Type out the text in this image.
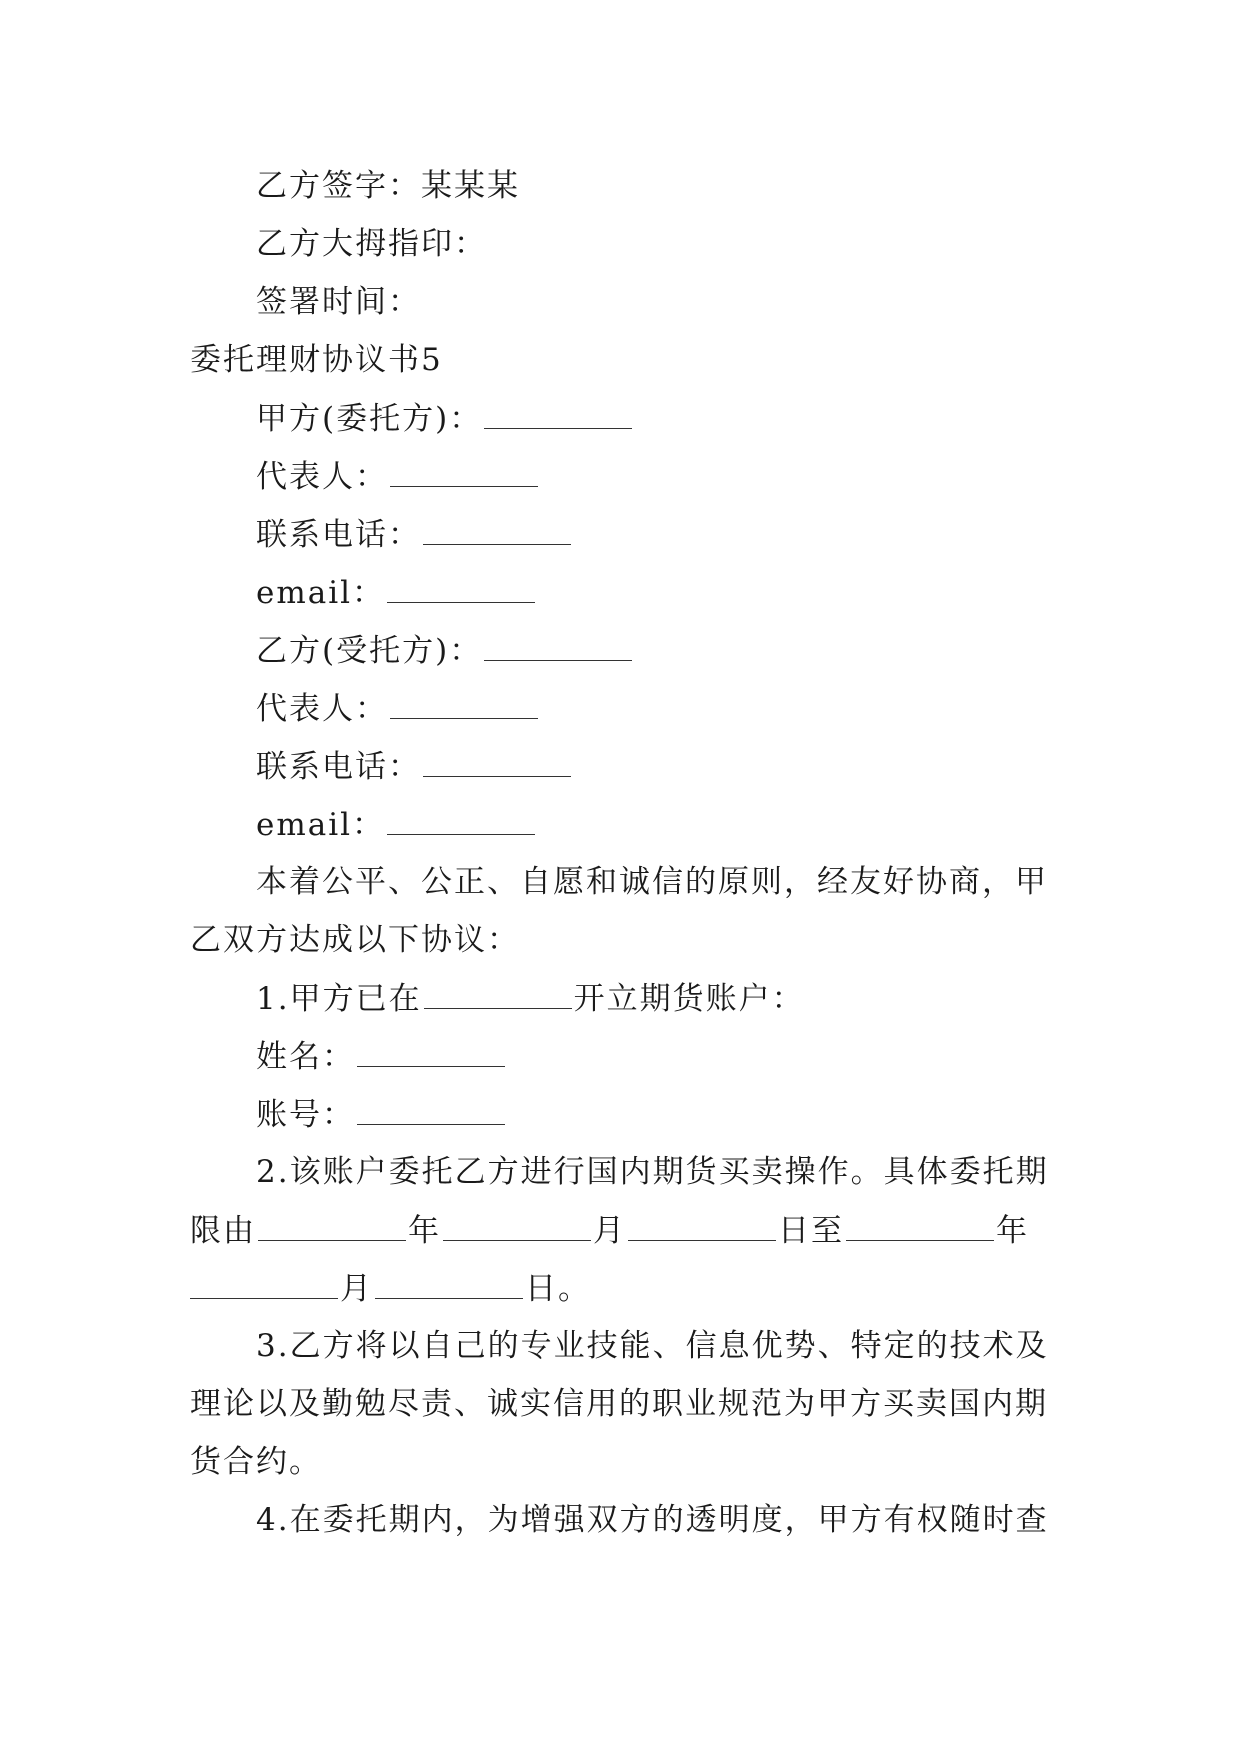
乙方签字：某某某
乙方大拇指印：
签署时间：
委托理财协议书5
甲方(委托方)：
代表人：
联系电话：
email：
乙方(受托方)：
代表人：
联系电话：
email：
本着公平、公正、自愿和诚信的原则，经友好协商，甲
乙双方达成以下协议：
1.甲方已在	开立期货账户：
姓名：
账号：
2.该账户委托乙方进行国内期货买卖操作。具体委托期
限由	年	月	日至	年
月	日。
3.乙方将以自己的专业技能、信息优势、特定的技术及
理论以及勤勉尽责、诚实信用的职业规范为甲方买卖国内期
货合约。
4.在委托期内，为增强双方的透明度，甲方有权随时查
